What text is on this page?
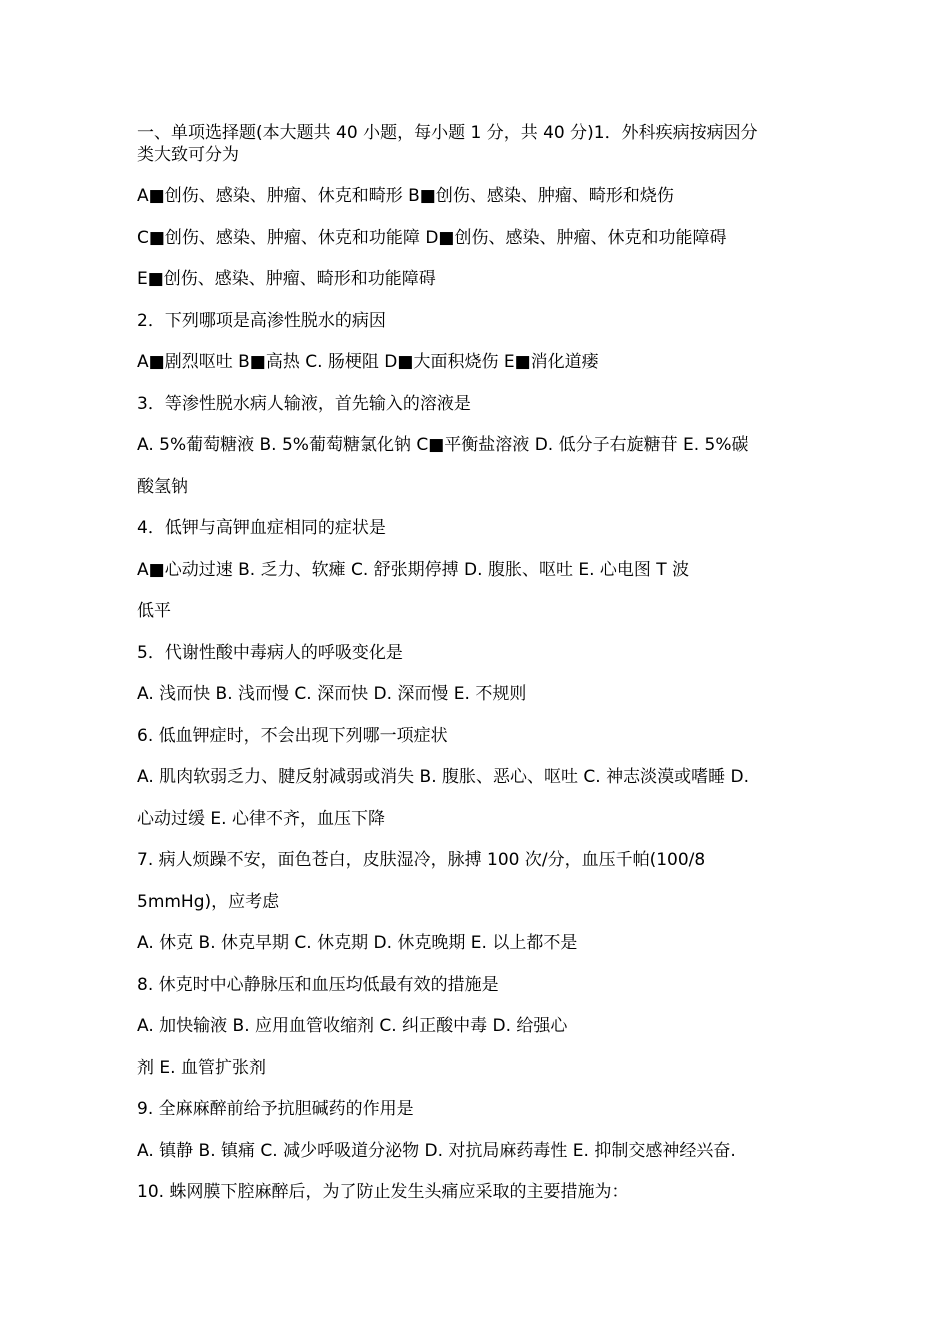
一、单项选择题(本大题共 40 小题，每小题 1 分，共 40 分)1．外科疾病按病因分
类大致可分为
A■创伤、感染、肿瘤、休克和畸形 B■创伤、感染、肿瘤、畸形和烧伤
C■创伤、感染、肿瘤、休克和功能障 D■创伤、感染、肿瘤、休克和功能障碍
E■创伤、感染、肿瘤、畸形和功能障碍
2．下列哪项是高渗性脱水的病因
A■剧烈呕吐 B■高热 C. 肠梗阻 D■大面积烧伤 E■消化道瘘
3．等渗性脱水病人输液，首先输入的溶液是
A. 5%葡萄糖液 B. 5%葡萄糖氯化钠 C■平衡盐溶液 D. 低分子右旋糖苷 E. 5%碳
酸氢钠
4．低钾与高钾血症相同的症状是
A■心动过速 B. 乏力、软瘫 C. 舒张期停搏 D. 腹胀、呕吐 E. 心电图 T 波
低平
5．代谢性酸中毒病人的呼吸变化是
A. 浅而快 B. 浅而慢 C. 深而快 D. 深而慢 E. 不规则
6. 低血钾症时，不会出现下列哪一项症状
A. 肌肉软弱乏力、腱反射减弱或消失 B. 腹胀、恶心、呕吐 C. 神志淡漠或嗜睡 D.
心动过缓 E. 心律不齐，血压下降
7. 病人烦躁不安，面色苍白，皮肤湿冷，脉搏 100 次/分，血压千帕(100/8
5mmHg)，应考虑
A. 休克 B. 休克早期 C. 休克期 D. 休克晚期 E. 以上都不是
8. 休克时中心静脉压和血压均低最有效的措施是
A. 加快输液 B. 应用血管收缩剂 C. 纠正酸中毒 D. 给强心
剂 E. 血管扩张剂
9. 全麻麻醉前给予抗胆碱药的作用是
A. 镇静 B. 镇痛 C. 减少呼吸道分泌物 D. 对抗局麻药毒性 E. 抑制交感神经兴奋.
10. 蛛网膜下腔麻醉后，为了防止发生头痛应采取的主要措施为：
